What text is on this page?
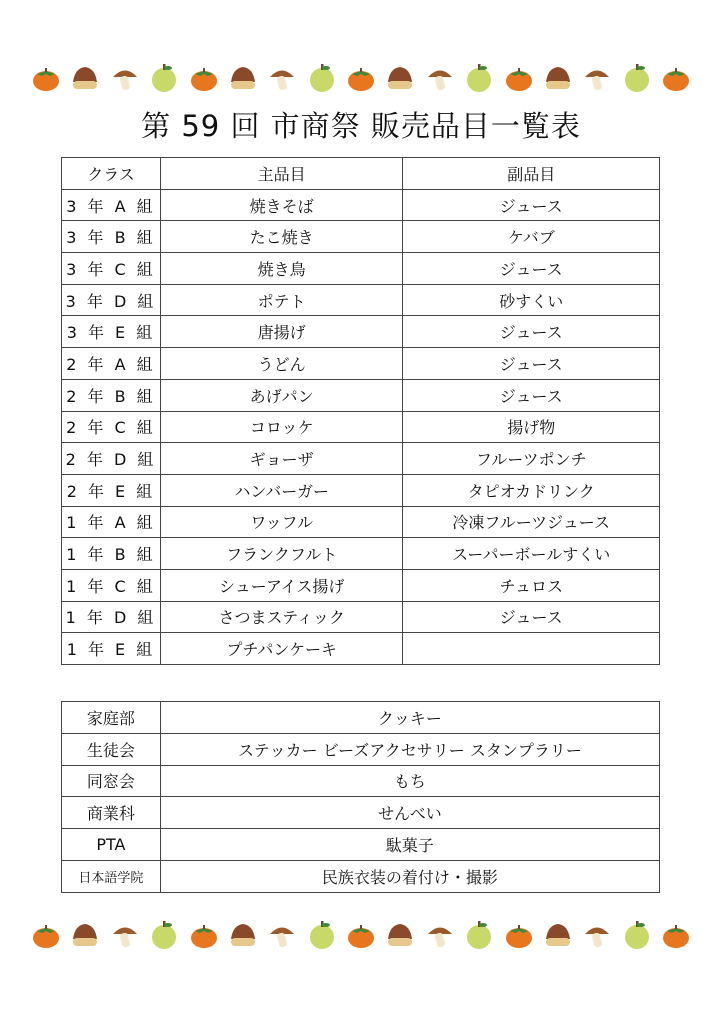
第 59 回 市商祭 販売品目一覧表
クラス	主品目	副品目
3 年 A 組	焼きそば	ジュース
3 年 B 組	たこ焼き	ケバブ
3 年 C 組	焼き鳥	ジュース
3 年 D 組	ポテト	砂すくい
3 年 E 組	唐揚げ	ジュース
2 年 A 組	うどん	ジュース
2 年 B 組	あげパン	ジュース
2 年 C 組	コロッケ	揚げ物
2 年 D 組	ギョーザ	フルーツポンチ
2 年 E 組	ハンバーガー	タピオカドリンク
1 年 A 組	ワッフル	冷凍フルーツジュース
1 年 B 組	フランクフルト	スーパーボールすくい
1 年 C 組	シューアイス揚げ	チュロス
1 年 D 組	さつまスティック	ジュース
1 年 E 組	プチパンケーキ	
家庭部	クッキー
生徒会	ステッカー ビーズアクセサリー スタンプラリー
同窓会	もち
商業科	せんべい
PTA	駄菓子
日本語学院	民族衣装の着付け・撮影
